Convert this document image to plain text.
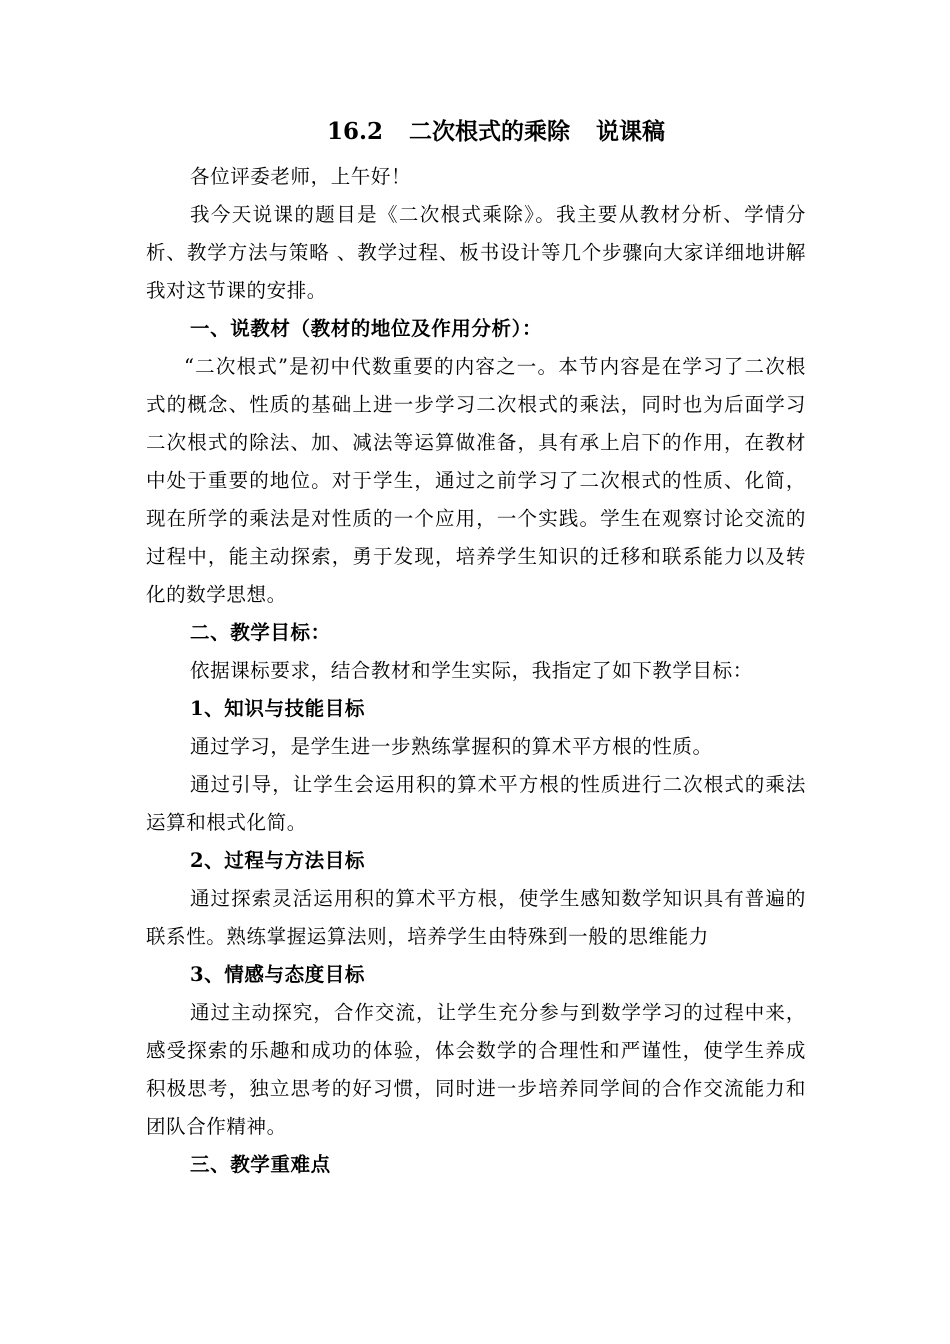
16.2 二次根式的乘除 说课稿

各位评委老师，上午好！

我今天说课的题目是《二次根式乘除》。我主要从教材分析、学情分析、教学方法与策略 、教学过程、板书设计等几个步骤向大家详细地讲解我对这节课的安排。

一、说教材（教材的地位及作用分析）：

“二次根式”是初中代数重要的内容之一。本节内容是在学习了二次根式的概念、性质的基础上进一步学习二次根式的乘法，同时也为后面学习二次根式的除法、加、减法等运算做准备，具有承上启下的作用，在教材中处于重要的地位。对于学生，通过之前学习了二次根式的性质、化简，现在所学的乘法是对性质的一个应用，一个实践。学生在观察讨论交流的过程中，能主动探索，勇于发现，培养学生知识的迁移和联系能力以及转化的数学思想。

二、教学目标：

依据课标要求，结合教材和学生实际，我指定了如下教学目标：

1、知识与技能目标

通过学习，是学生进一步熟练掌握积的算术平方根的性质。

通过引导，让学生会运用积的算术平方根的性质进行二次根式的乘法运算和根式化简。

2、过程与方法目标

通过探索灵活运用积的算术平方根，使学生感知数学知识具有普遍的联系性。熟练掌握运算法则，培养学生由特殊到一般的思维能力

3、情感与态度目标

通过主动探究，合作交流，让学生充分参与到数学学习的过程中来，感受探索的乐趣和成功的体验，体会数学的合理性和严谨性，使学生养成积极思考，独立思考的好习惯，同时进一步培养同学间的合作交流能力和团队合作精神。

三、教学重难点
